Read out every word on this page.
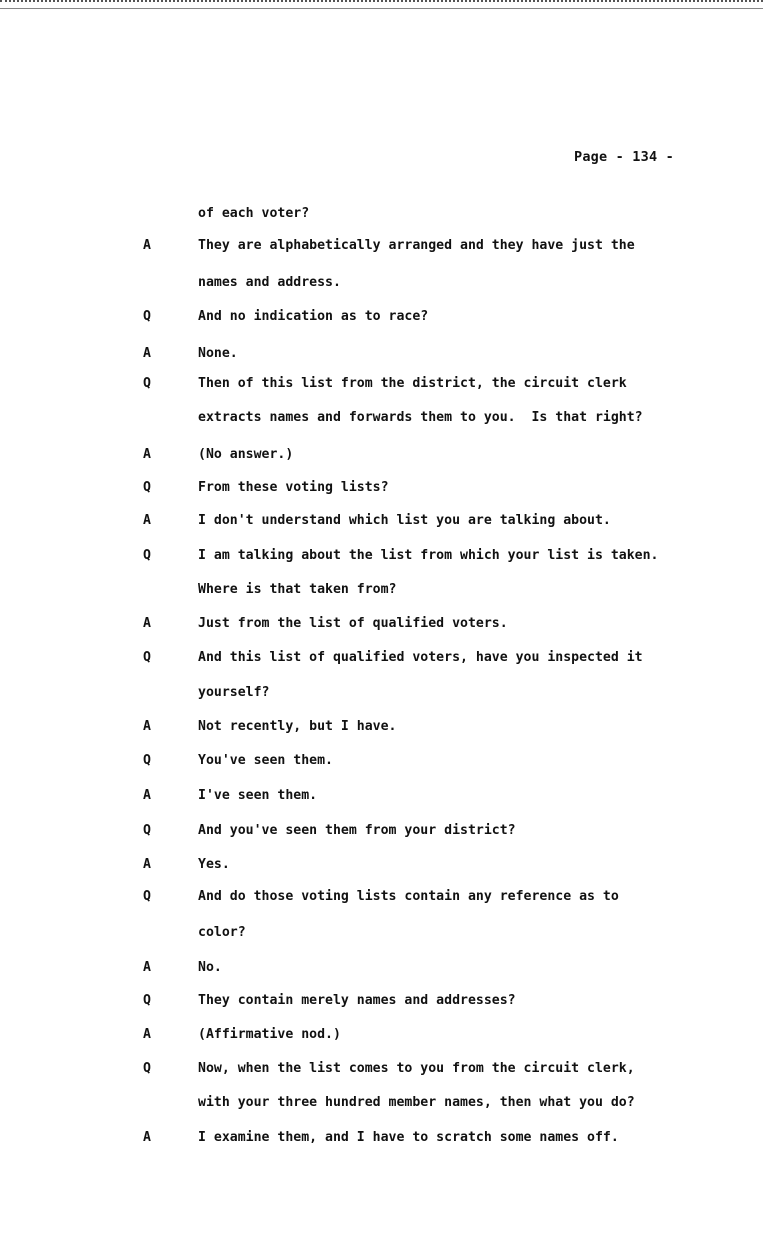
Page - 134 -
of each voter?
A	They are alphabetically arranged and they have just the
names and address.
Q	And no indication as to race?
A	None.
Q	Then of this list from the district, the circuit clerk
extracts names and forwards them to you.  Is that right?
A	(No answer.)
Q	From these voting lists?
A	I don't understand which list you are talking about.
Q	I am talking about the list from which your list is taken.
Where is that taken from?
A	Just from the list of qualified voters.
Q	And this list of qualified voters, have you inspected it
yourself?
A	Not recently, but I have.
Q	You've seen them.
A	I've seen them.
Q	And you've seen them from your district?
A	Yes.
Q	And do those voting lists contain any reference as to
color?
A	No.
Q	They contain merely names and addresses?
A	(Affirmative nod.)
Q	Now, when the list comes to you from the circuit clerk,
with your three hundred member names, then what you do?
A	I examine them, and I have to scratch some names off.
